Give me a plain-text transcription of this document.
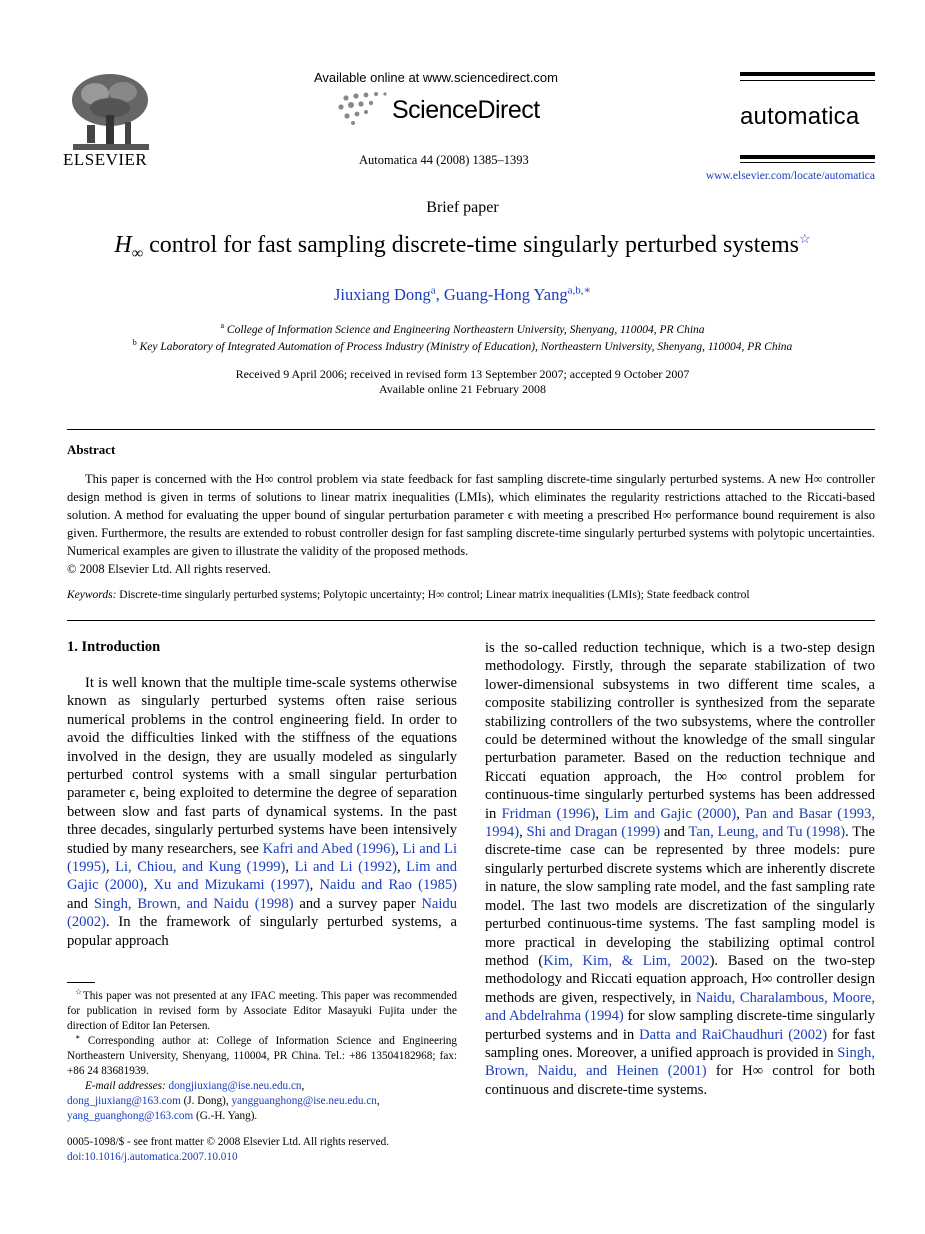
ELSEVIER
Available online at www.sciencedirect.com
ScienceDirect
Automatica 44 (2008) 1385–1393
automatica
www.elsevier.com/locate/automatica
Brief paper
$H_\infty$ control for fast sampling discrete-time singularly perturbed systems☆
Jiuxiang Dong$^a$, Guang-Hong Yang$^{a,b,∗}$
$^a$ College of Information Science and Engineering Northeastern University, Shenyang, 110004, PR China
$^b$ Key Laboratory of Integrated Automation of Process Industry (Ministry of Education), Northeastern University, Shenyang, 110004, PR China
Received 9 April 2006; received in revised form 13 September 2007; accepted 9 October 2007
Available online 21 February 2008
Abstract
This paper is concerned with the H∞ control problem via state feedback for fast sampling discrete-time singularly perturbed systems. A new H∞ controller design method is given in terms of solutions to linear matrix inequalities (LMIs), which eliminates the regularity restrictions attached to the Riccati-based solution. A method for evaluating the upper bound of singular perturbation parameter ϵ with meeting a prescribed H∞ performance bound requirement is also given. Furthermore, the results are extended to robust controller design for fast sampling discrete-time singularly perturbed systems with polytopic uncertainties. Numerical examples are given to illustrate the validity of the proposed methods.
© 2008 Elsevier Ltd. All rights reserved.
Keywords: Discrete-time singularly perturbed systems; Polytopic uncertainty; H∞ control; Linear matrix inequalities (LMIs); State feedback control
1. Introduction

It is well known that the multiple time-scale systems otherwise known as singularly perturbed systems often raise serious numerical problems in the control engineering field. In order to avoid the difficulties linked with the stiffness of the equations involved in the design, they are usually modeled as singularly perturbed control systems with a small singular perturbation parameter ϵ, being exploited to determine the degree of separation between slow and fast parts of dynamical systems. In the past three decades, singularly perturbed systems have been intensively studied by many researchers, see Kafri and Abed (1996), Li and Li (1995), Li, Chiou, and Kung (1999), Li and Li (1992), Lim and Gajic (2000), Xu and Mizukami (1997), Naidu and Rao (1985) and Singh, Brown, and Naidu (1998) and a survey paper Naidu (2002). In the framework of singularly perturbed systems, a popular approach

☆This paper was not presented at any IFAC meeting. This paper was recommended for publication in revised form by Associate Editor Masayuki Fujita under the direction of Editor Ian Petersen.

∗ Corresponding author at: College of Information Science and Engineering Northeastern University, Shenyang, 110004, PR China. Tel.: +86 13504182968; fax: +86 24 83681939.

E-mail addresses: dongjiuxiang@ise.neu.edu.cn,
dong_jiuxiang@163.com (J. Dong), yangguanghong@ise.neu.edu.cn,
yang_guanghong@163.com (G.-H. Yang).

0005-1098/$ - see front matter © 2008 Elsevier Ltd. All rights reserved.
doi:10.1016/j.automatica.2007.10.010

is the so-called reduction technique, which is a two-step design methodology. Firstly, through the separate stabilization of two lower-dimensional subsystems in two different time scales, a composite stabilizing controller is synthesized from the separate stabilizing controllers of the two subsystems, where the controller could be determined without the knowledge of the small singular perturbation parameter. Based on the reduction technique and Riccati equation approach, the H∞ control problem for continuous-time singularly perturbed systems has been addressed in Fridman (1996), Lim and Gajic (2000), Pan and Basar (1993, 1994), Shi and Dragan (1999) and Tan, Leung, and Tu (1998). The discrete-time case can be represented by three models: pure singularly perturbed discrete systems which are inherently discrete in nature, the slow sampling rate model, and the fast sampling rate model. The last two models are discretization of the singularly perturbed continuous-time systems. The fast sampling model is more practical in developing the stabilizing optimal control method (Kim, Kim, & Lim, 2002). Based on the two-step methodology and Riccati equation approach, H∞ controller design methods are given, respectively, in Naidu, Charalambous, Moore, and Abdelrahma (1994) for slow sampling discrete-time singularly perturbed systems and in Datta and RaiChaudhuri (2002) for fast sampling ones. Moreover, a unified approach is provided in Singh, Brown, Naidu, and Heinen (2001) for H∞ control for both continuous and discrete-time systems.
